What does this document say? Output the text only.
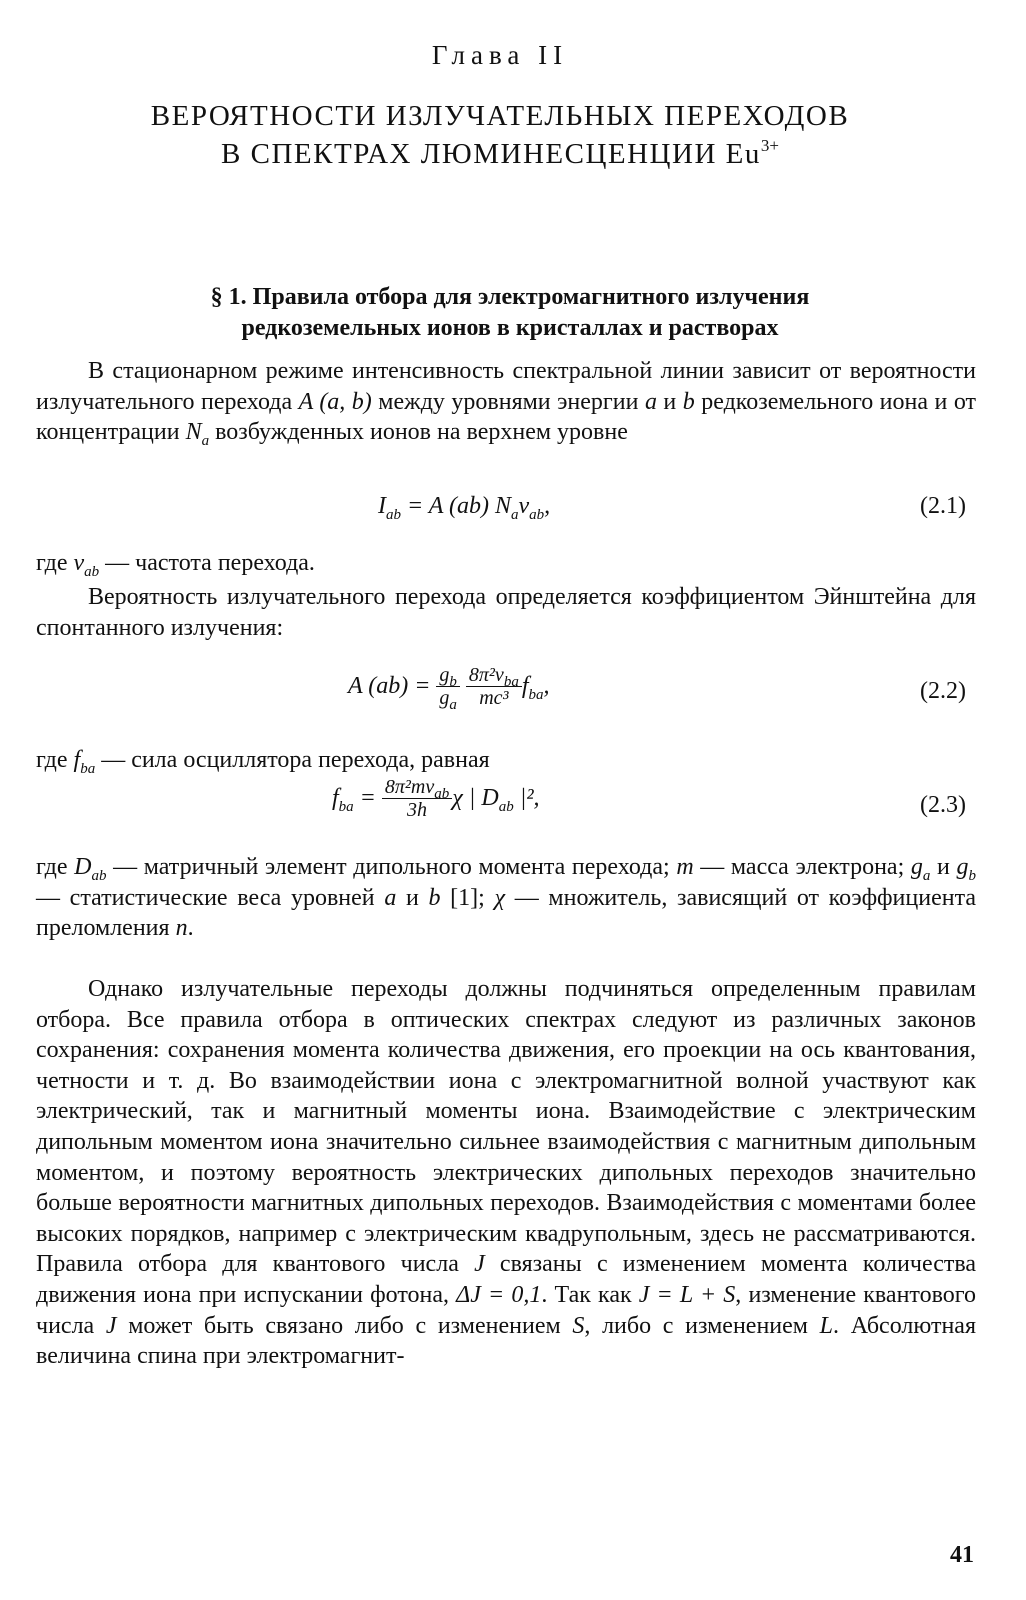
Глава II
ВЕРОЯТНОСТИ ИЗЛУЧАТЕЛЬНЫХ ПЕРЕХОДОВ
В СПЕКТРАХ ЛЮМИНЕСЦЕНЦИИ $Eu^{3+}$
§ 1. Правила отбора для электромагнитного излучения
редкоземельных ионов в кристаллах и растворах
В стационарном режиме интенсивность спектральной линии зависит от вероятности излучательного перехода A (a, b) между уровнями энергии a и b редкоземельного иона и от концентрации $N_a$ возбужденных ионов на верхнем уровне
$I_{ab} = A$ (ab) $N_a\nu_{ab}$,	(2.1)
где $\nu_{ab}$ — частота перехода.
Вероятность излучательного перехода определяется коэффициентом Эйнштейна для спонтанного излучения:
A $(ab) = \frac{g_b}{g_a}$
$\frac{8\pi^2\nu_{ba}}{\text{mc³}} f_{ba}$,	(2.2)
где $f_{ba}$ — сила осциллятора перехода, равная
$f_{ba} = \frac{8\pi^2m\nu_{ab}}{3h}$ χ | $D_{ab}$ |²,	(2.3)
где $D_{ab}$ — матричный элемент дипольного момента перехода; m — масса электрона; $g_a$ и $g_b$ — статистические веса уровней a и b [1]; χ — множитель, зависящий от коэффициента преломления n.
Однако излучательные переходы должны подчиняться определенным правилам отбора. Все правила отбора в оптических спектрах следуют из различных законов сохранения: сохранения момента количества движения, его проекции на ось квантования, четности и т. д. Во взаимодействии иона с электромагнитной волной участвуют как электрический, так и магнитный моменты иона. Взаимодействие с электрическим дипольным моментом иона значительно сильнее взаимодействия с магнитным дипольным моментом, и поэтому вероятность электрических дипольных переходов значительно больше вероятности магнитных дипольных переходов. Взаимодействия с моментами более высоких порядков, например с электрическим квадрупольным, здесь не рассматриваются. Правила отбора для квантового числа J связаны с изменением момента количества движения иона при испускании фотона, ΔJ = 0,1. Так как J = L + S, изменение квантового числа J может быть связано либо с изменением S, либо с изменением L. Абсолютная величина спина при электромагнит-
41
